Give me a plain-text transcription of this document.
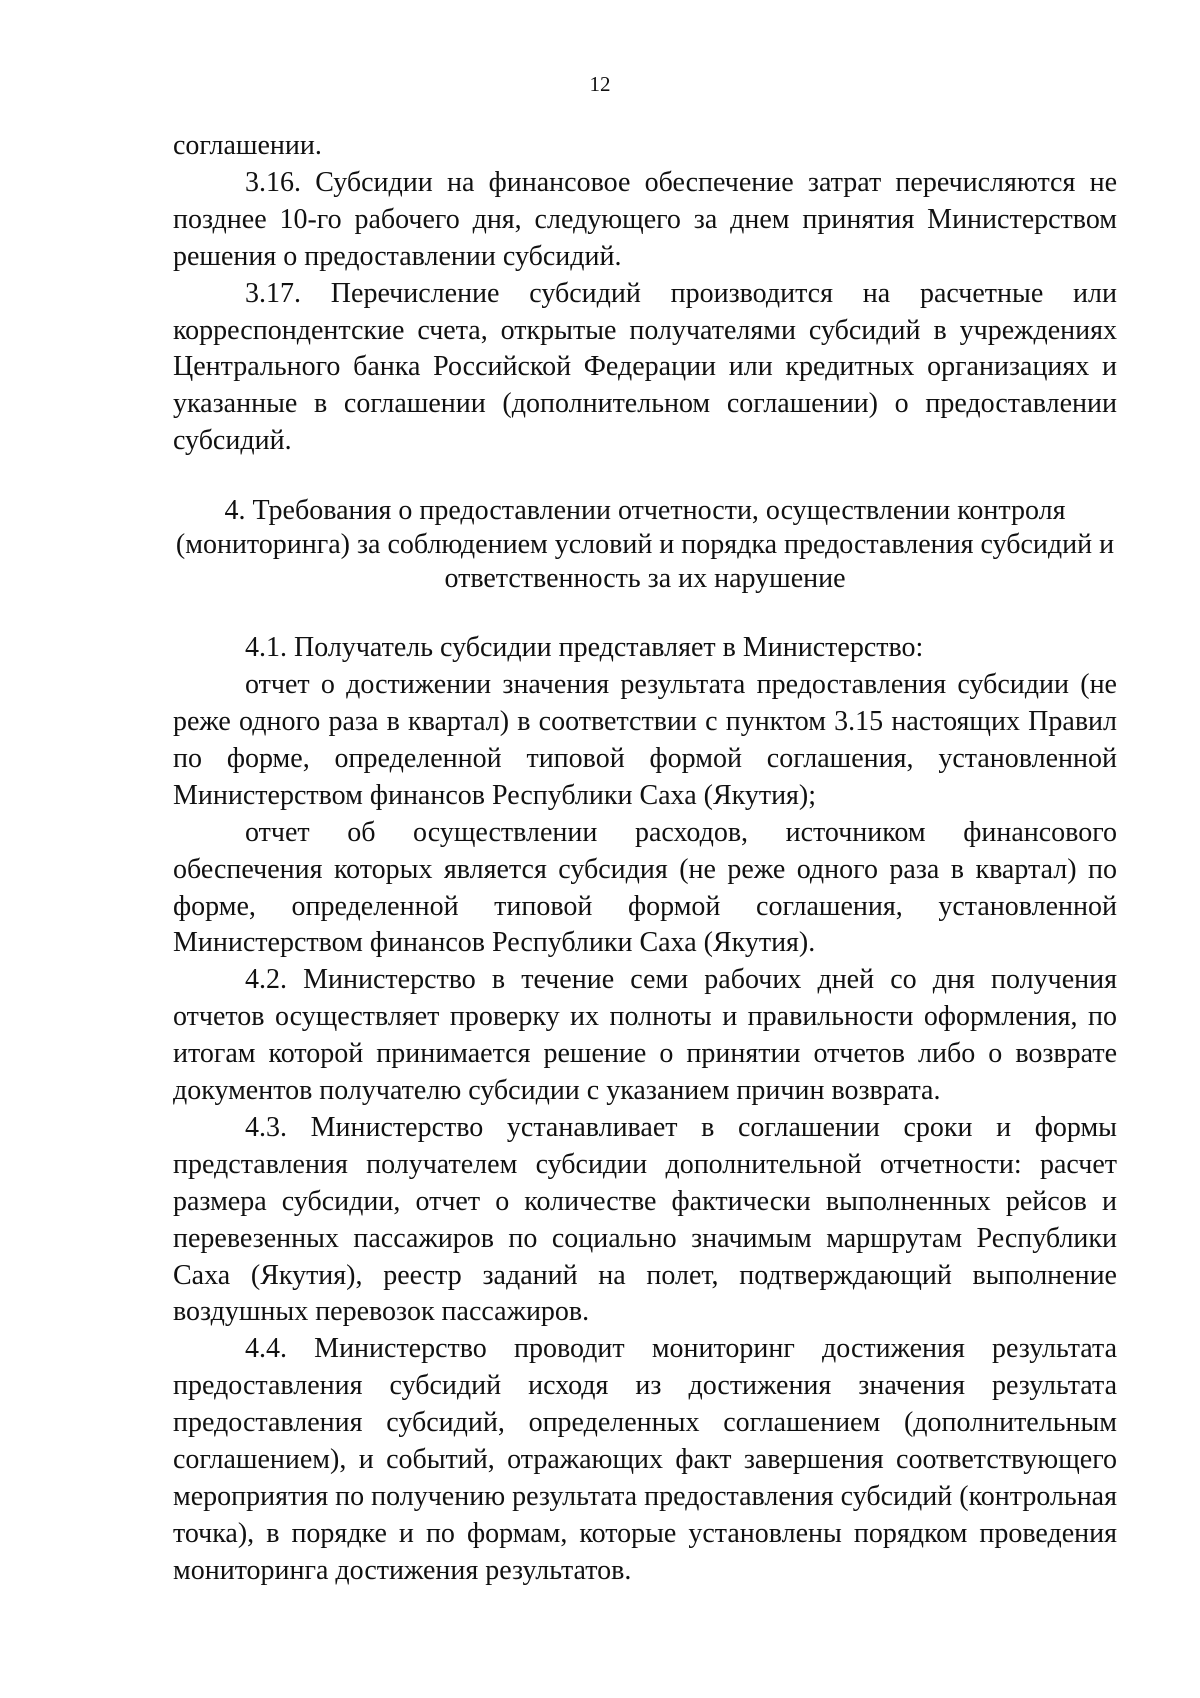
12

соглашении.

3.16. Субсидии на финансовое обеспечение затрат перечисляются не позднее 10-го рабочего дня, следующего за днем принятия Министерством решения о предоставлении субсидий.

3.17. Перечисление субсидий производится на расчетные или корреспондентские счета, открытые получателями субсидий в учреждениях Центрального банка Российской Федерации или кредитных организациях и указанные в соглашении (дополнительном соглашении) о предоставлении субсидий.

4. Требования о предоставлении отчетности, осуществлении контроля (мониторинга) за соблюдением условий и порядка предоставления субсидий и ответственность за их нарушение

4.1. Получатель субсидии представляет в Министерство:

отчет о достижении значения результата предоставления субсидии (не реже одного раза в квартал) в соответствии с пунктом 3.15 настоящих Правил по форме, определенной типовой формой соглашения, установленной Министерством финансов Республики Саха (Якутия);

отчет об осуществлении расходов, источником финансового обеспечения которых является субсидия (не реже одного раза в квартал) по форме, определенной типовой формой соглашения, установленной Министерством финансов Республики Саха (Якутия).

4.2. Министерство в течение семи рабочих дней со дня получения отчетов осуществляет проверку их полноты и правильности оформления, по итогам которой принимается решение о принятии отчетов либо о возврате документов получателю субсидии с указанием причин возврата.

4.3. Министерство устанавливает в соглашении сроки и формы представления получателем субсидии дополнительной отчетности: расчет размера субсидии, отчет о количестве фактически выполненных рейсов и перевезенных пассажиров по социально значимым маршрутам Республики Саха (Якутия), реестр заданий на полет, подтверждающий выполнение воздушных перевозок пассажиров.

4.4. Министерство проводит мониторинг достижения результата предоставления субсидий исходя из достижения значения результата предоставления субсидий, определенных соглашением (дополнительным соглашением), и событий, отражающих факт завершения соответствующего мероприятия по получению результата предоставления субсидий (контрольная точка), в порядке и по формам, которые установлены порядком проведения мониторинга достижения результатов.
